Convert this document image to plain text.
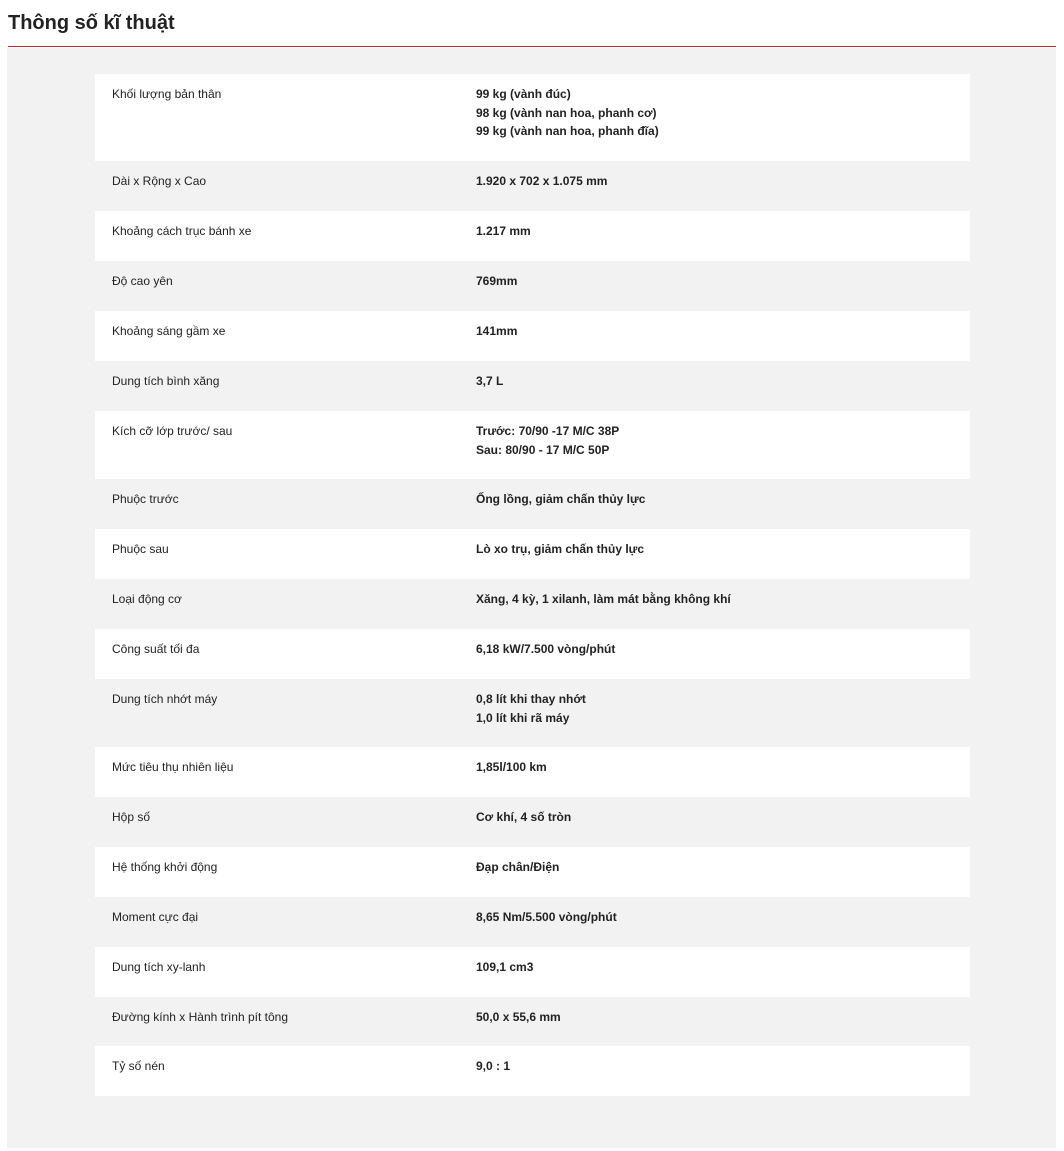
Thông số kĩ thuật
Khối lượng bản thân	99 kg (vành đúc)
98 kg (vành nan hoa, phanh cơ)
99 kg (vành nan hoa, phanh đĩa)
Dài x Rộng x Cao	1.920 x 702 x 1.075 mm
Khoảng cách trục bánh xe	1.217 mm
Độ cao yên	769mm
Khoảng sáng gầm xe	141mm
Dung tích bình xăng	3,7 L
Kích cỡ lớp trước/ sau	Trước: 70/90 -17 M/C 38P
Sau: 80/90 - 17 M/C 50P
Phuộc trước	Ống lồng, giảm chấn thủy lực
Phuộc sau	Lò xo trụ, giảm chấn thủy lực
Loại động cơ	Xăng, 4 kỳ, 1 xilanh, làm mát bằng không khí
Công suất tối đa	6,18 kW/7.500 vòng/phút
Dung tích nhớt máy	0,8 lít khi thay nhớt
1,0 lít khi rã máy
Mức tiêu thụ nhiên liệu	1,85l/100 km
Hộp số	Cơ khí, 4 số tròn
Hệ thống khởi động	Đạp chân/Điện
Moment cực đại	8,65 Nm/5.500 vòng/phút
Dung tích xy-lanh	109,1 cm3
Đường kính x Hành trình pít tông	50,0 x 55,6 mm
Tỷ số nén	9,0 : 1
